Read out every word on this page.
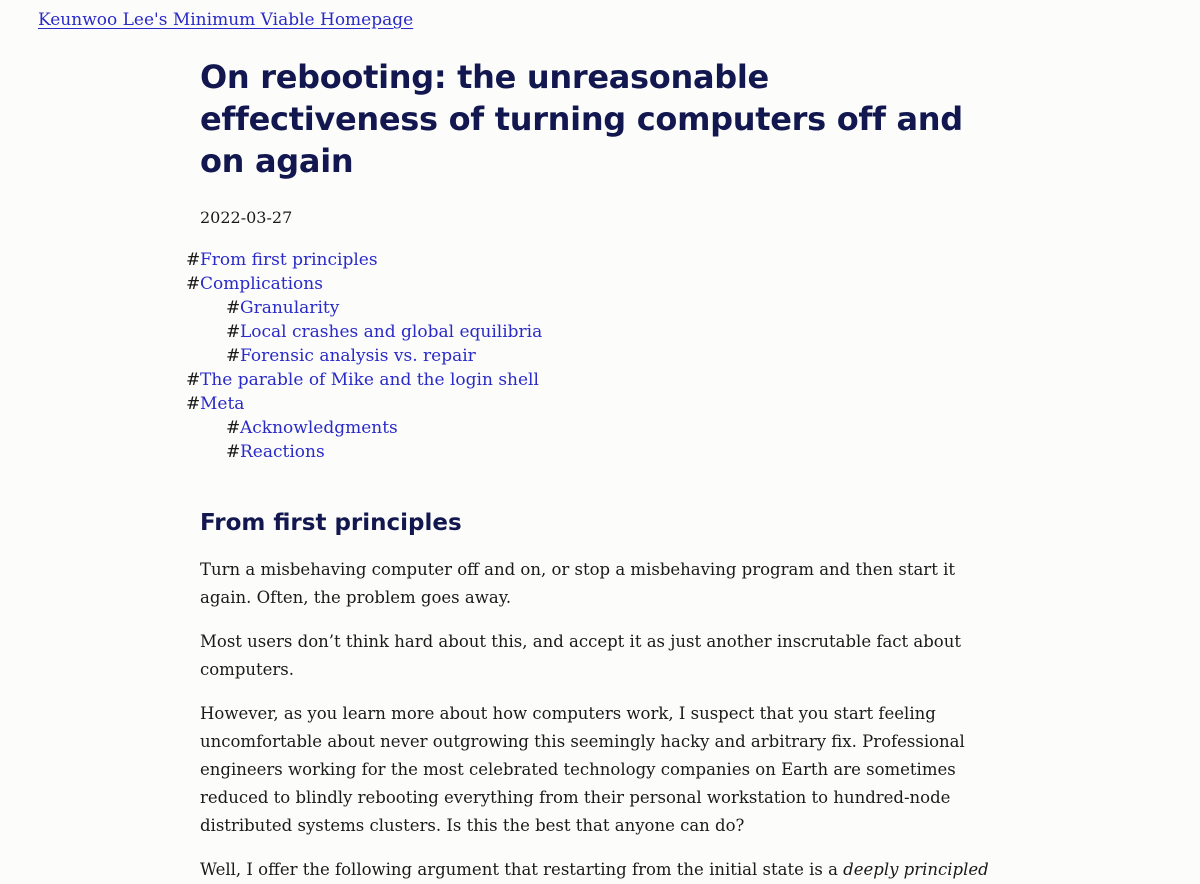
Keunwoo Lee's Minimum Viable Homepage
On rebooting: the unreasonable effectiveness of turning computers off and on again
2022-03-27
# From first principles
# Complications
# Granularity
# Local crashes and global equilibria
# Forensic analysis vs. repair
# The parable of Mike and the login shell
# Meta
# Acknowledgments
# Reactions
From first principles

Turn a misbehaving computer off and on, or stop a misbehaving program and then start it again. Often, the problem goes away.

Most users don’t think hard about this, and accept it as just another inscrutable fact about computers.

However, as you learn more about how computers work, I suspect that you start feeling uncomfortable about never outgrowing this seemingly hacky and arbitrary fix. Professional engineers working for the most celebrated technology companies on Earth are sometimes reduced to blindly rebooting everything from their personal workstation to hundred-node distributed systems clusters. Is this the best that anyone can do?

Well, I offer the following argument that restarting from the initial state is a deeply principled
